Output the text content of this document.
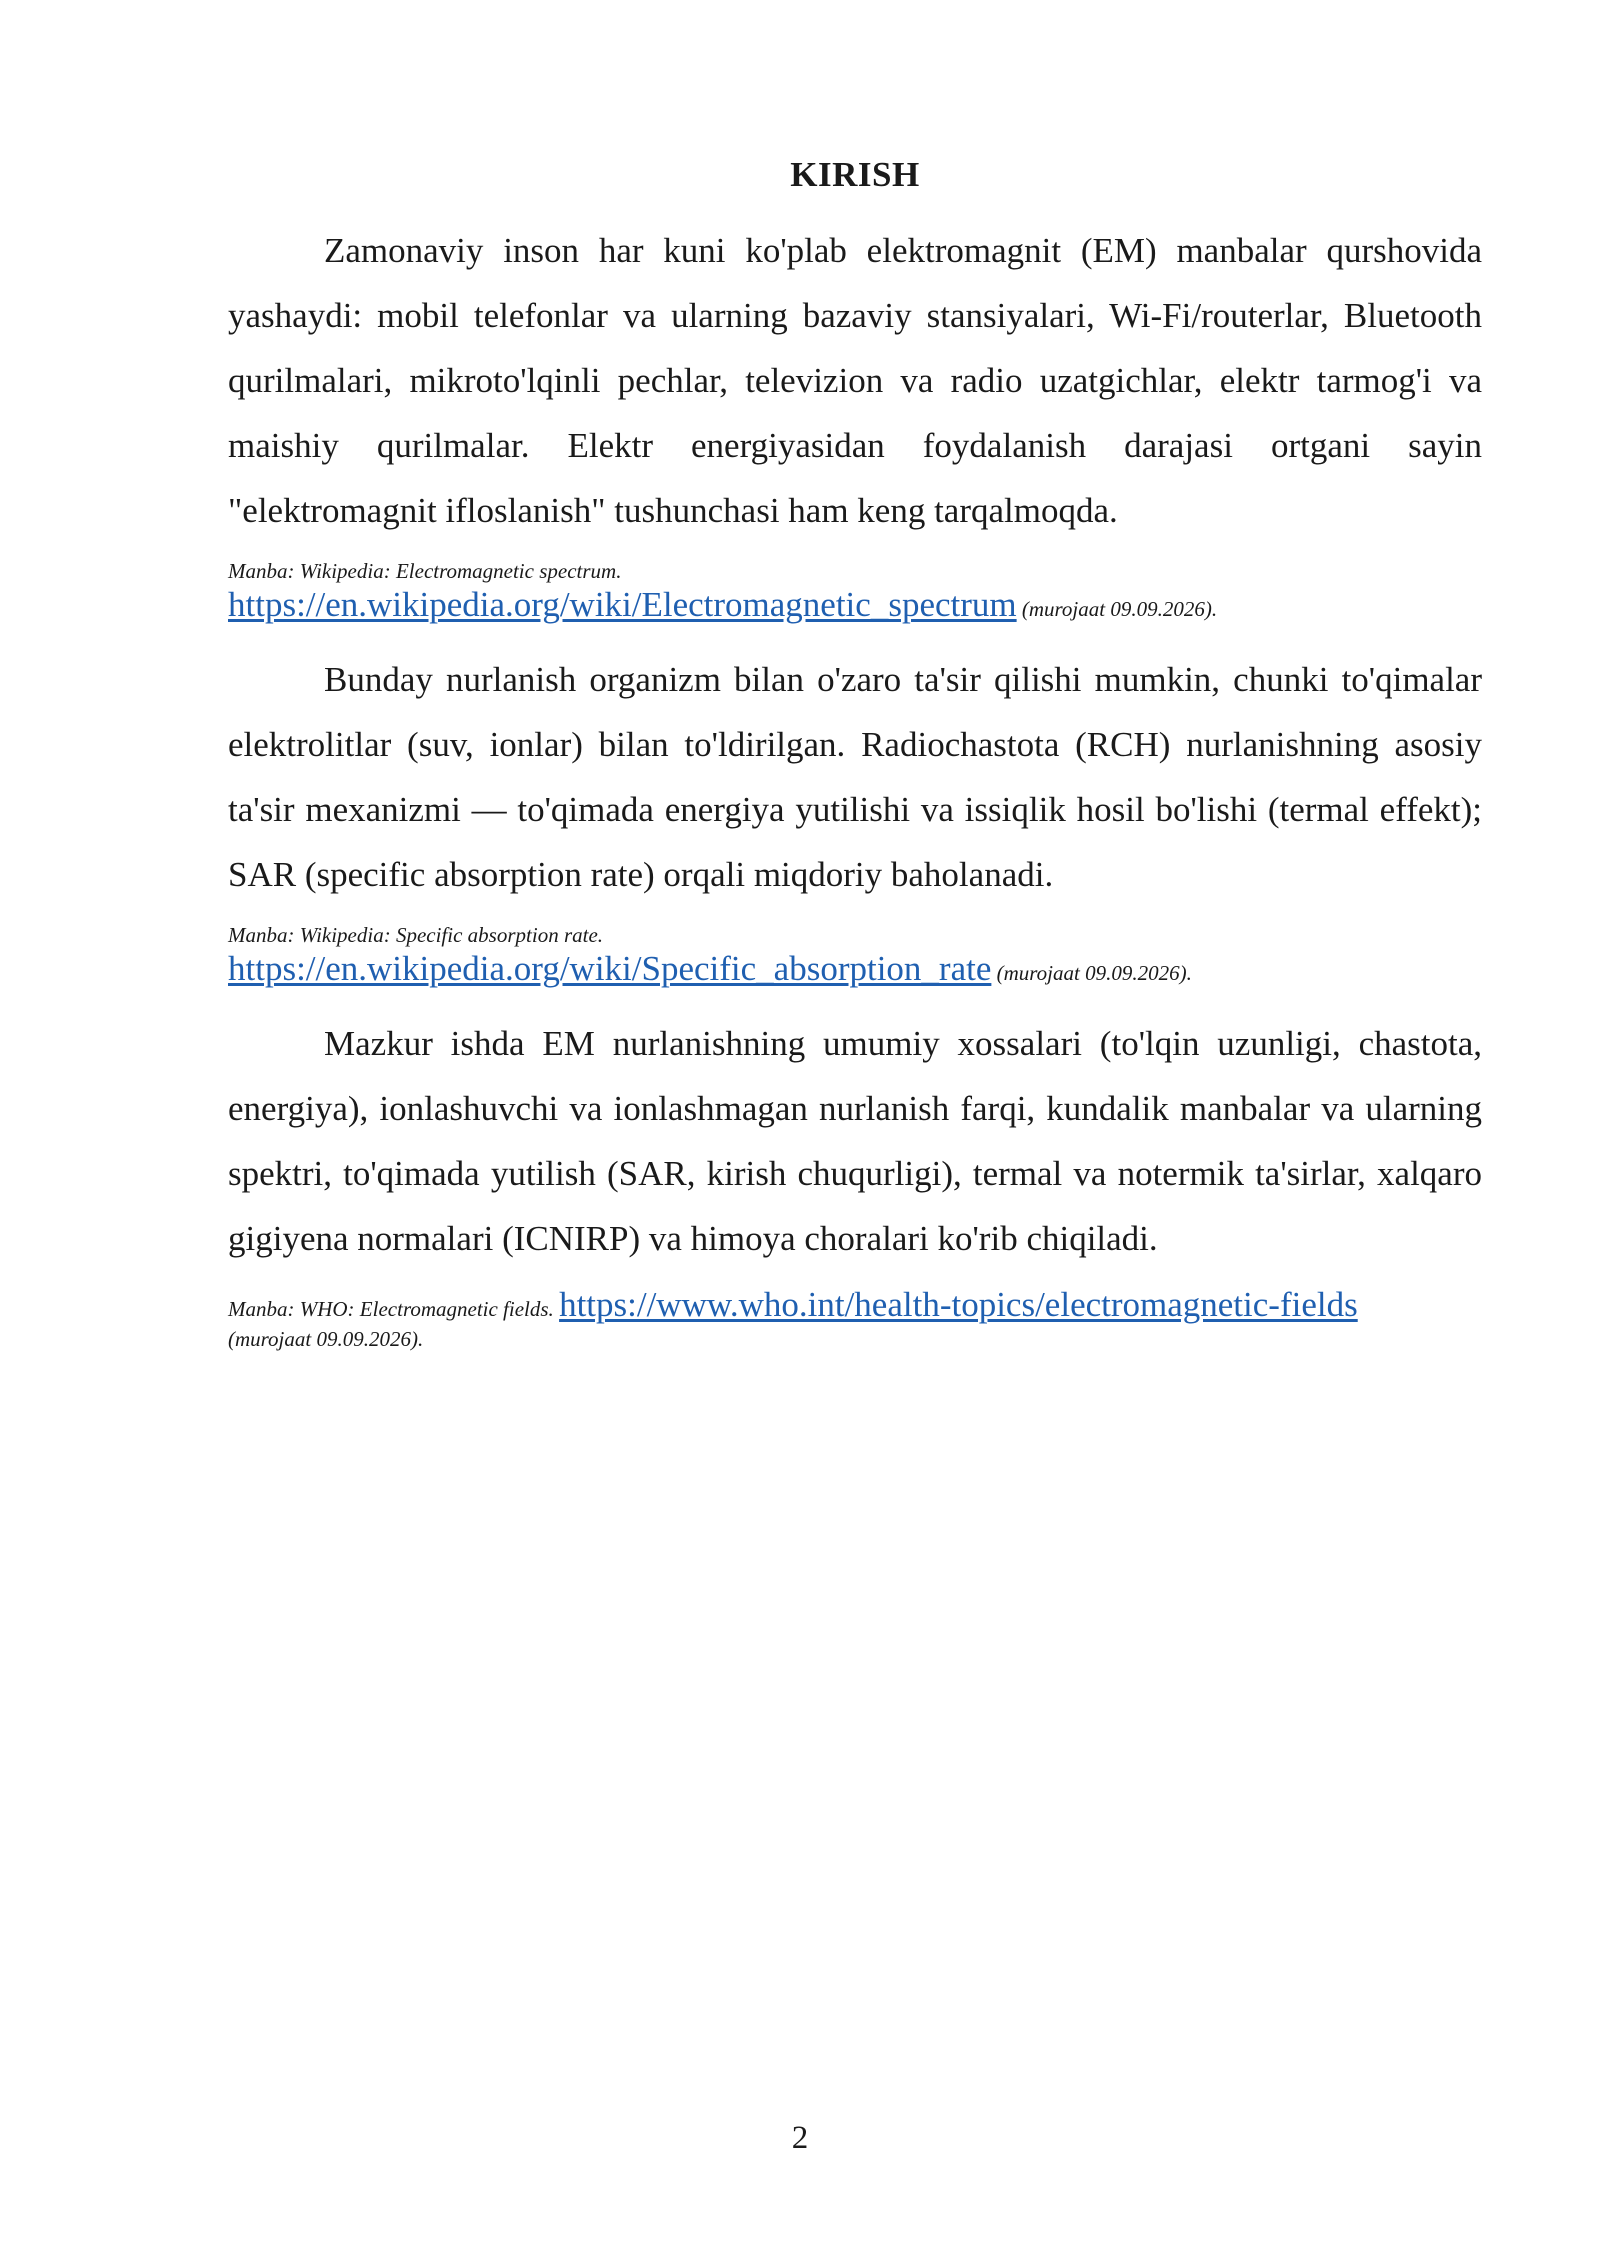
KIRISH

Zamonaviy inson har kuni ko'plab elektromagnit (EM) manbalar qurshovida yashaydi: mobil telefonlar va ularning bazaviy stansiyalari, Wi-Fi/routerlar, Bluetooth qurilmalari, mikroto'lqinli pechlar, televizion va radio uzatgichlar, elektr tarmog'i va maishiy qurilmalar. Elektr energiyasidan foydalanish darajasi ortgani sayin "elektromagnit ifloslanish" tushunchasi ham keng tarqalmoqda.

Manba: Wikipedia: Electromagnetic spectrum.
https://en.wikipedia.org/wiki/Electromagnetic_spectrum (murojaat 09.09.2026).

Bunday nurlanish organizm bilan o'zaro ta'sir qilishi mumkin, chunki to'qimalar elektrolitlar (suv, ionlar) bilan to'ldirilgan. Radiochastota (RCH) nurlanishning asosiy ta'sir mexanizmi — to'qimada energiya yutilishi va issiqlik hosil bo'lishi (termal effekt); SAR (specific absorption rate) orqali miqdoriy baholanadi.

Manba: Wikipedia: Specific absorption rate.
https://en.wikipedia.org/wiki/Specific_absorption_rate (murojaat 09.09.2026).

Mazkur ishda EM nurlanishning umumiy xossalari (to'lqin uzunligi, chastota, energiya), ionlashuvchi va ionlashmagan nurlanish farqi, kundalik manbalar va ularning spektri, to'qimada yutilish (SAR, kirish chuqurligi), termal va notermik ta'sirlar, xalqaro gigiyena normalari (ICNIRP) va himoya choralari ko'rib chiqiladi.

Manba: WHO: Electromagnetic fields. https://www.who.int/health-topics/electromagnetic-fields
(murojaat 09.09.2026).
2
